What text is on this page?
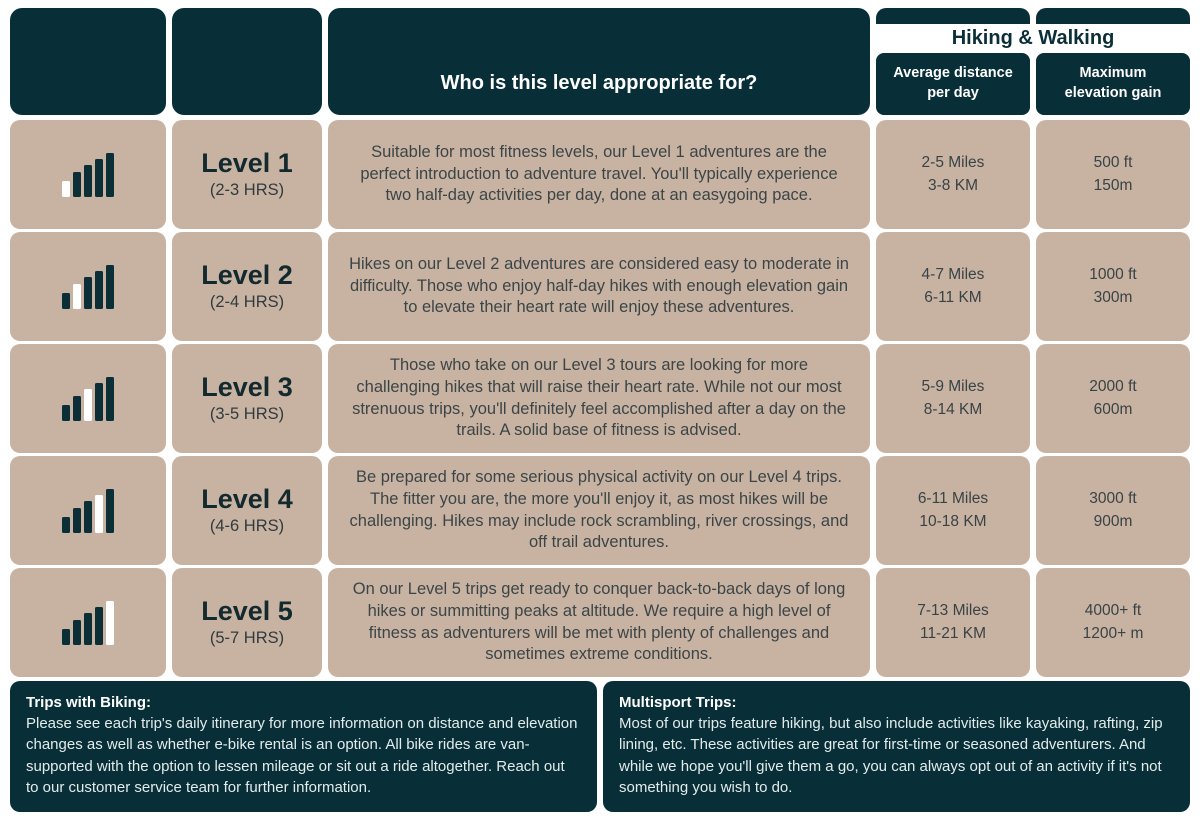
Who is this level appropriate for?
Hiking & Walking
Average distance
per day
Maximum
elevation gain
Level 1
(2-3 HRS)

Suitable for most fitness levels, our Level 1 adventures are the perfect introduction to adventure travel. You'll typically experience two half-day activities per day, done at an easygoing pace.

2-5 Miles
3-8 KM
500 ft
150m
Level 2
(2-4 HRS)

Hikes on our Level 2 adventures are considered easy to moderate in difficulty. Those who enjoy half-day hikes with enough elevation gain to elevate their heart rate will enjoy these adventures.

4-7 Miles
6-11 KM
1000 ft
300m
Level 3
(3-5 HRS)

Those who take on our Level 3 tours are looking for more challenging hikes that will raise their heart rate. While not our most strenuous trips, you'll definitely feel accomplished after a day on the trails. A solid base of fitness is advised.

5-9 Miles
8-14 KM
2000 ft
600m
Level 4
(4-6 HRS)

Be prepared for some serious physical activity on our Level 4 trips. The fitter you are, the more you'll enjoy it, as most hikes will be challenging. Hikes may include rock scrambling, river crossings, and off trail adventures.

6-11 Miles
10-18 KM
3000 ft
900m
Level 5
(5-7 HRS)

On our Level 5 trips get ready to conquer back-to-back days of long hikes or summitting peaks at altitude. We require a high level of fitness as adventurers will be met with plenty of challenges and sometimes extreme conditions.

7-13 Miles
11-21 KM
4000+ ft
1200+ m
Trips with Biking:
Please see each trip's daily itinerary for more information on distance and elevation changes as well as whether e-bike rental is an option. All bike rides are van-supported with the option to lessen mileage or sit out a ride altogether. Reach out to our customer service team for further information.
Multisport Trips:
Most of our trips feature hiking, but also include activities like kayaking, rafting, zip lining, etc. These activities are great for first-time or seasoned adventurers. And while we hope you'll give them a go, you can always opt out of an activity if it's not something you wish to do.
